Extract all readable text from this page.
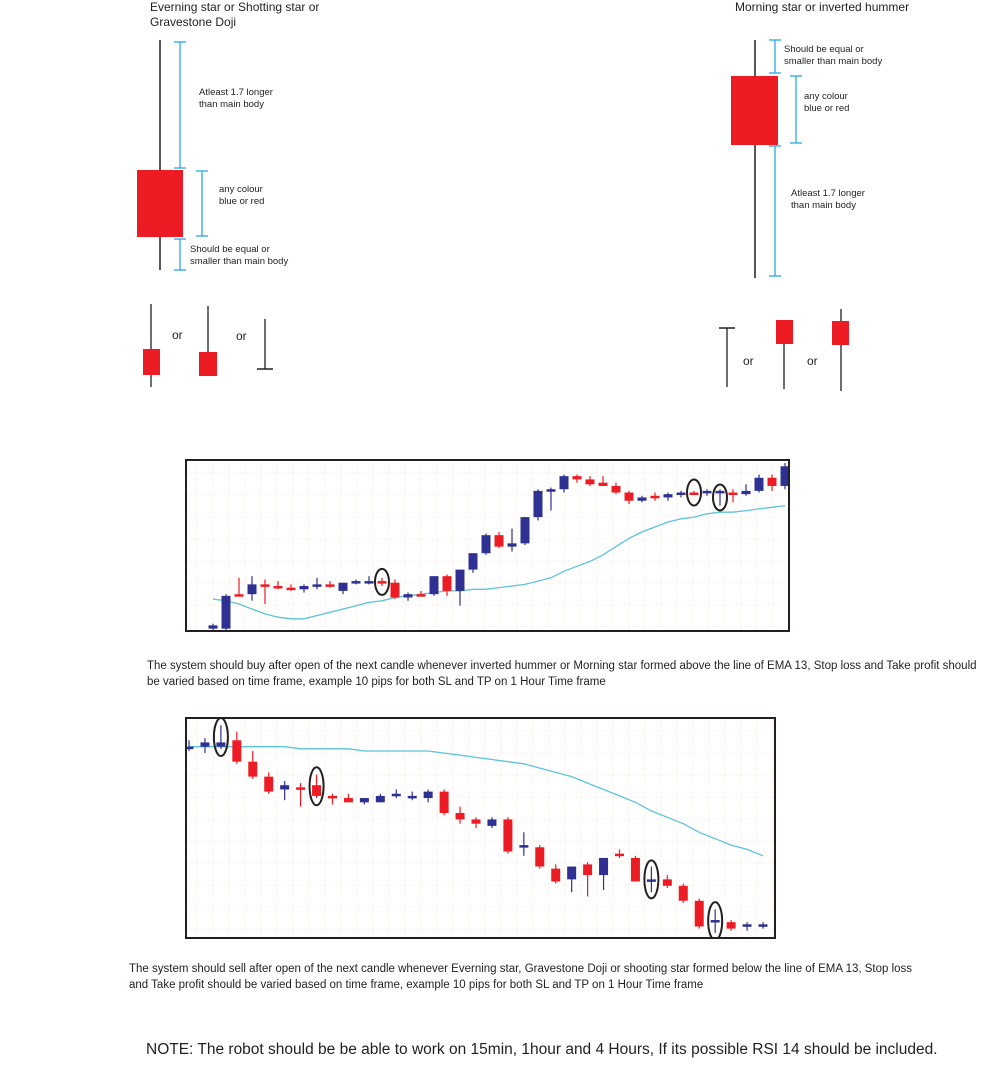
Everning star or Shotting star or
Gravestone Doji
Atleast 1.7 longer
than main body
any colour
blue or red
Should be equal or
smaller than main body
or	or
Morning star or inverted hummer
Should be equal or
smaller than main body
any colour
blue or red
Atleast 1.7 longer
than main body
or	or
The system should buy after open of the next candle whenever inverted hummer or Morning star formed above the line of EMA 13, Stop loss and Take profit should be varied based on time frame, example 10 pips for both SL and TP on 1 Hour Time frame
The system should sell after open of the next candle whenever Everning star, Gravestone Doji or shooting star formed below the line of EMA 13, Stop loss and Take profit should be varied based on time frame, example 10 pips for both SL and TP on 1 Hour Time frame
NOTE: The robot should be be able to work on 15min, 1hour and 4 Hours, If its possible RSI 14 should be included.
